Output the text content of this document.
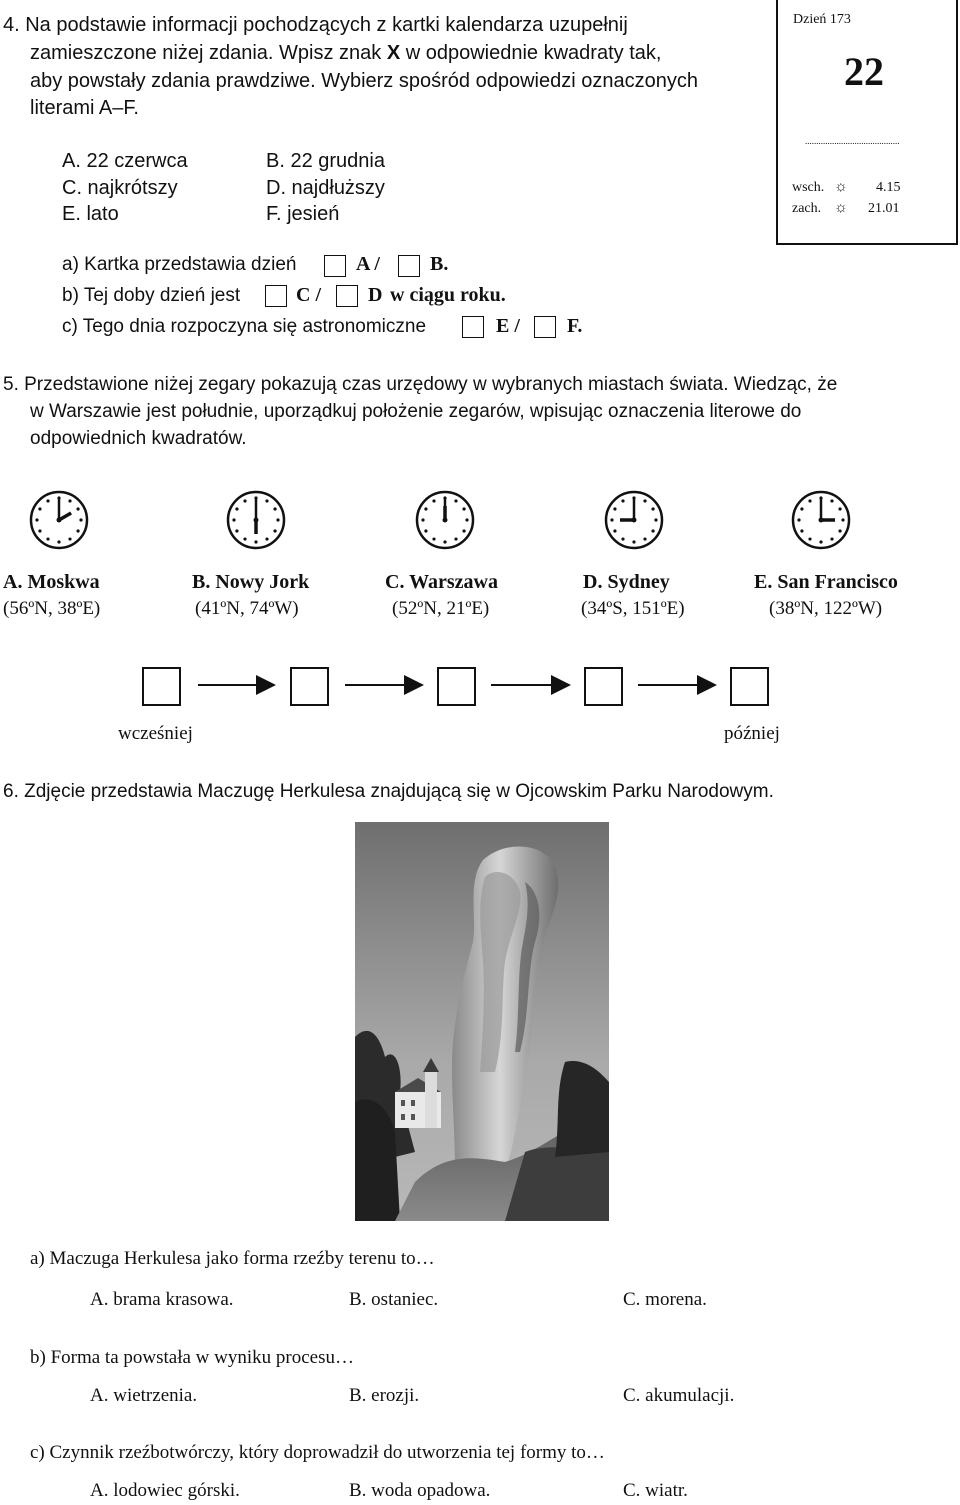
4. Na podstawie informacji pochodzących z kartki kalendarza uzupełnij
zamieszczone niżej zdania. Wpisz znak X w odpowiednie kwadraty tak,
aby powstały zdania prawdziwe. Wybierz spośród odpowiedzi oznaczonych
literami A–F.
A. 22 czerwca	B. 22 grudnia
C. najkrótszy	D. najdłuższy
E. lato	F. jesień
a) Kartka przedstawia dzień	A /	B.
b) Tej doby dzień jest	C / D w ciągu roku.
c) Tego dnia rozpoczyna się astronomiczne	E / F.
Dzień 173
22
..........................................
wsch. ☼ 4.15
zach. ☼ 21.01
5. Przedstawione niżej zegary pokazują czas urzędowy w wybranych miastach świata. Wiedząc, że
w Warszawie jest południe, uporządkuj położenie zegarów, wpisując oznaczenia literowe do
odpowiednich kwadratów.
A. Moskwa	B. Nowy Jork	C. Warszawa	D. Sydney	E. San Francisco
(56ºN, 38ºE)	(41ºN, 74ºW)	(52ºN, 21ºE)	(34ºS, 151ºE)	(38ºN, 122ºW)
wcześniej	później
6. Zdjęcie przedstawia Maczugę Herkulesa znajdującą się w Ojcowskim Parku Narodowym.
a) Maczuga Herkulesa jako forma rzeźby terenu to…
A. brama krasowa.	B. ostaniec.	C. morena.
b) Forma ta powstała w wyniku procesu…
A. wietrzenia.	B. erozji.	C. akumulacji.
c) Czynnik rzeźbotwórczy, który doprowadził do utworzenia tej formy to…
A. lodowiec górski.	B. woda opadowa.	C. wiatr.
